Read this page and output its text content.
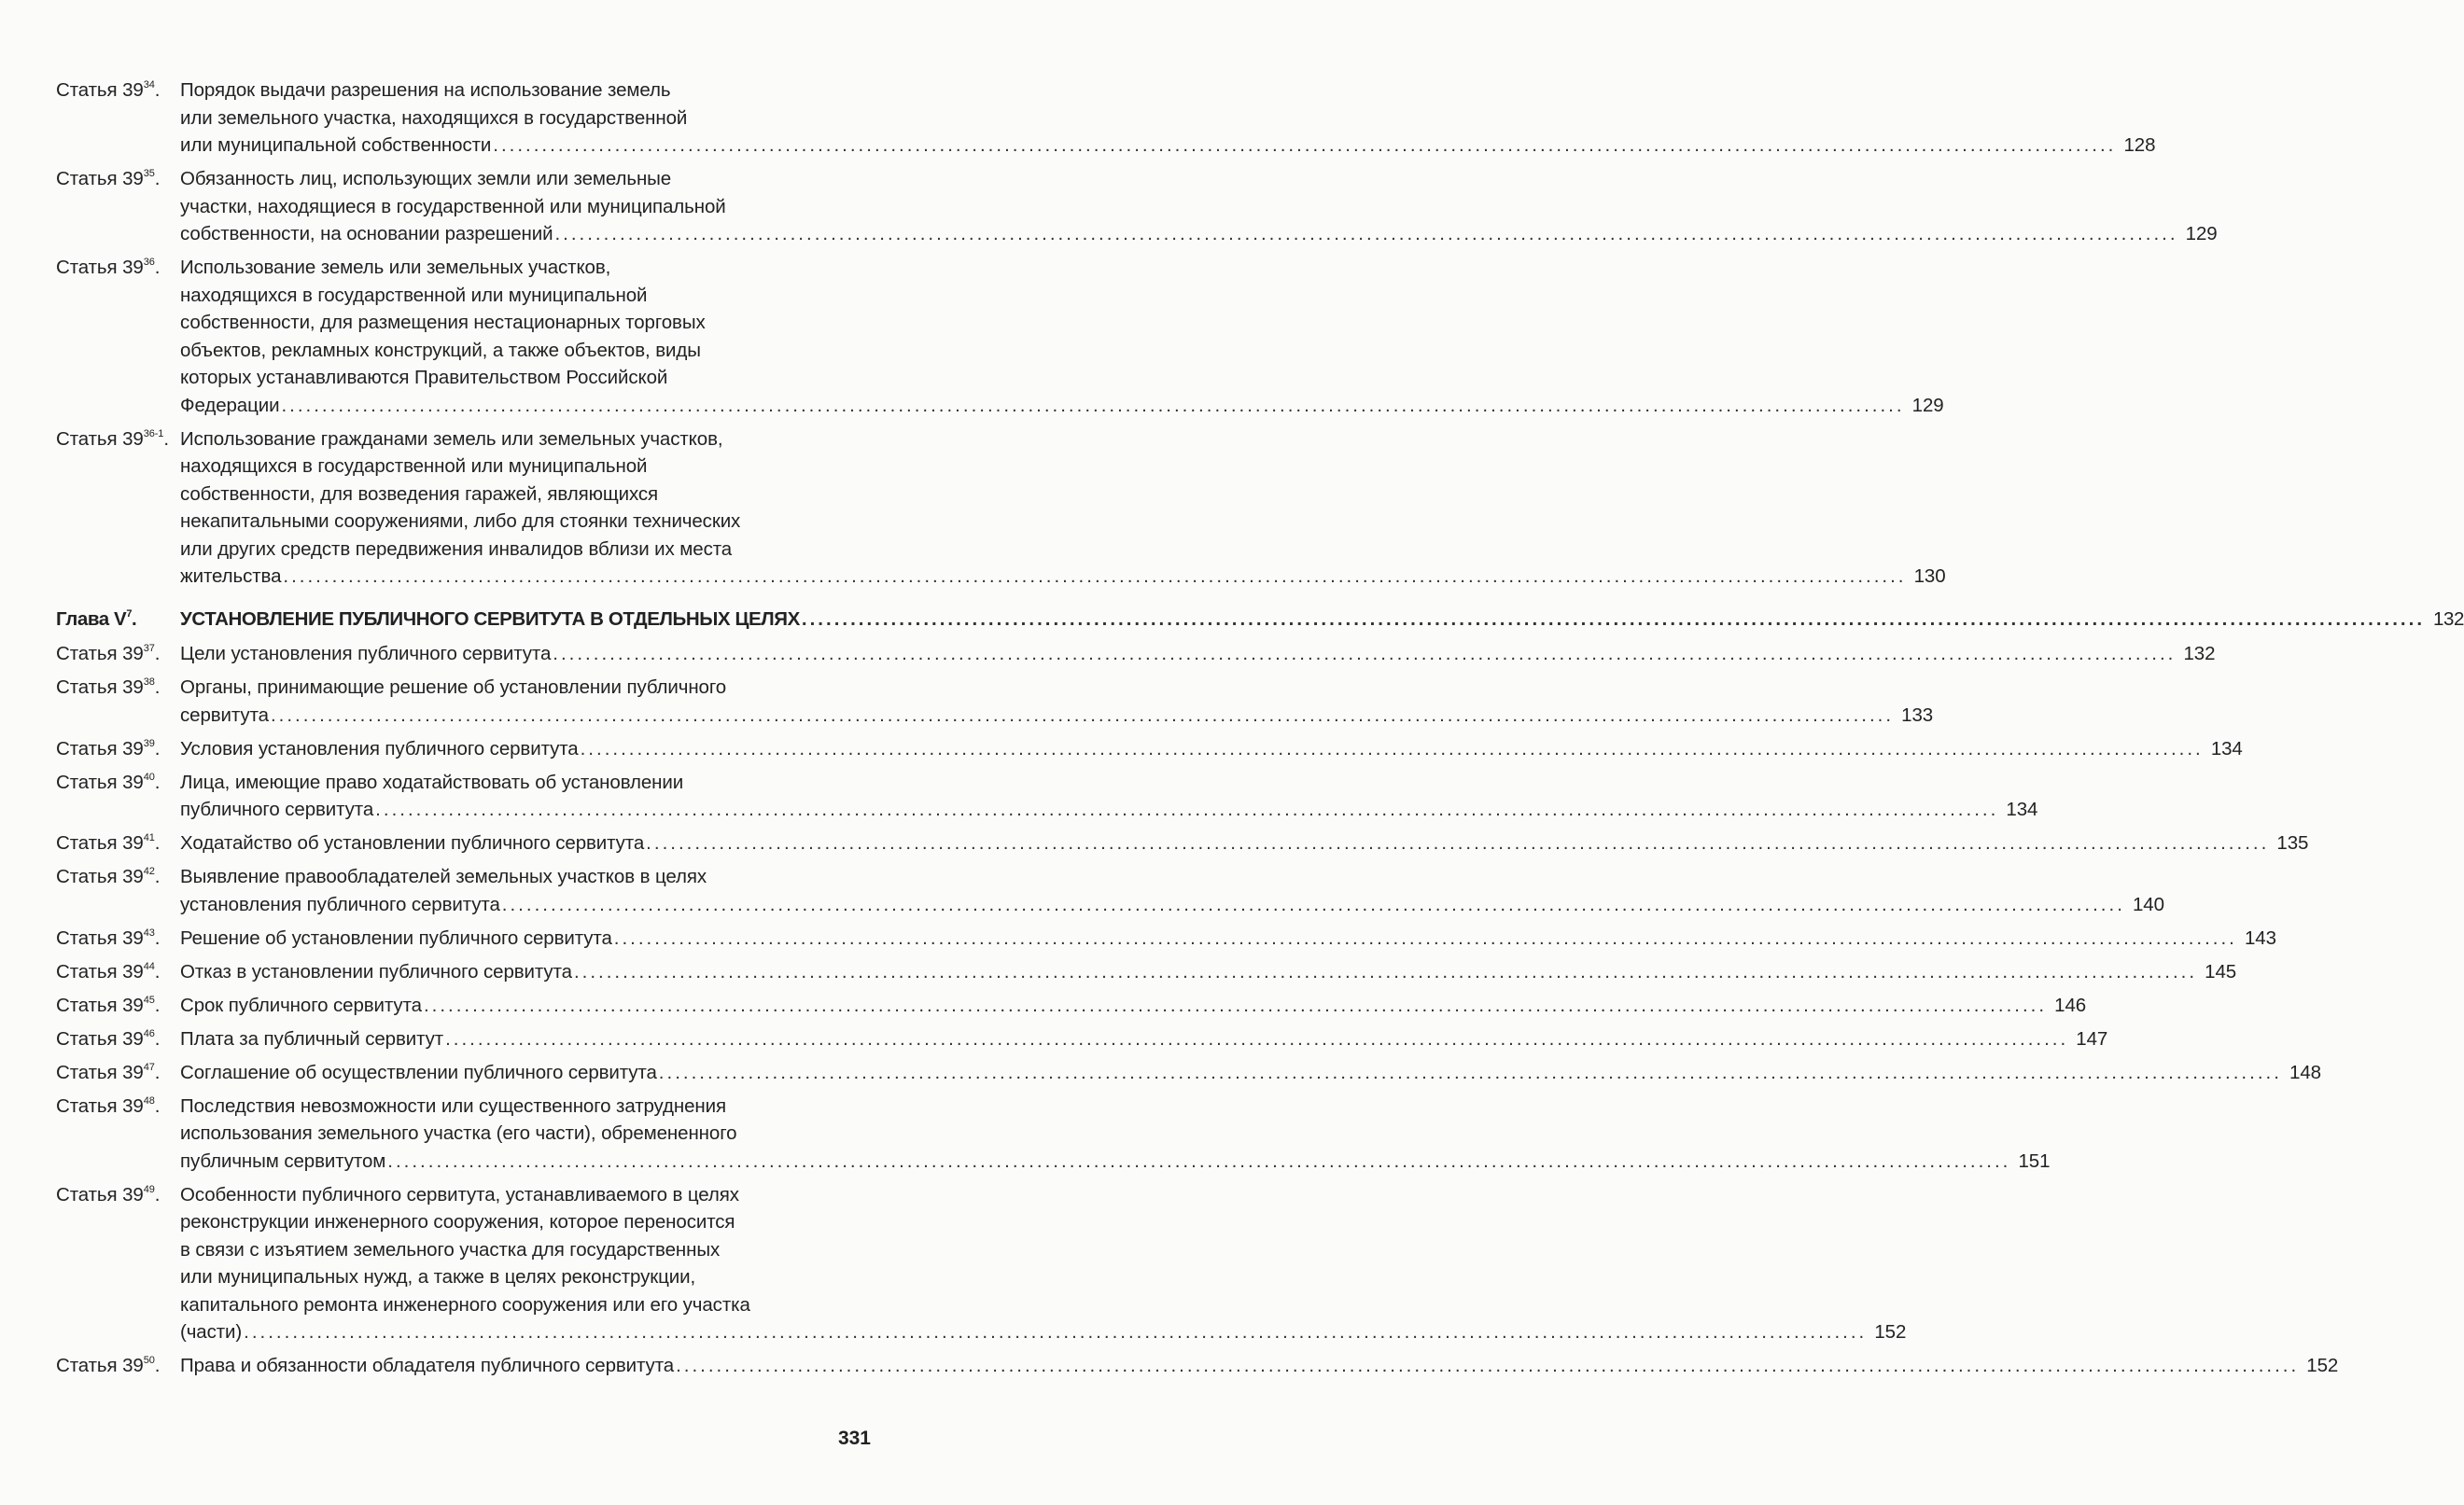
Статья $39^{34}$.	Порядок выдачи разрешения на использование земель
или земельного участка, находящихся в государственной
или муниципальной собственности ........................................................................................................................................................................................................ 128
Статья $39^{35}$.	Обязанность лиц, использующих земли или земельные
участки, находящиеся в государственной или муниципальной
собственности, на основании разрешений ........................................................................................................................................................................................................ 129
Статья $39^{36}$.	Использование земель или земельных участков,
находящихся в государственной или муниципальной
собственности, для размещения нестационарных торговых
объектов, рекламных конструкций, а также объектов, виды
которых устанавливаются Правительством Российской
Федерации ........................................................................................................................................................................................................ 129
Статья 39$^{36-1}$. Использование гражданами земель или земельных участков,
находящихся в государственной или муниципальной
собственности, для возведения гаражей, являющихся
некапитальными сооружениями, либо для стоянки технических
или других средств передвижения инвалидов вблизи их места
жительства ........................................................................................................................................................................................................ 130
Глава $V^7$.	УСТАНОВЛЕНИЕ ПУБЛИЧНОГО СЕРВИТУТА В ОТДЕЛЬНЫХ ЦЕЛЯХ ........................................................................................................................................................................................................ 132
Статья $39^{37}$.	Цели установления публичного сервитута ........................................................................................................................................................................................................ 132
Статья $39^{38}$.	Органы, принимающие решение об установлении публичного
сервитута ........................................................................................................................................................................................................ 133
Статья $39^{39}$.	Условия установления публичного сервитута ........................................................................................................................................................................................................ 134
Статья $39^{40}$.	Лица, имеющие право ходатайствовать об установлении
публичного сервитута ........................................................................................................................................................................................................ 134
Статья $39^{41}$.	Ходатайство об установлении публичного сервитута ........................................................................................................................................................................................................ 135
Статья $39^{42}$.	Выявление правообладателей земельных участков в целях
установления публичного сервитута ........................................................................................................................................................................................................ 140
Статья $39^{43}$.	Решение об установлении публичного сервитута ........................................................................................................................................................................................................ 143
Статья $39^{44}$.	Отказ в установлении публичного сервитута ........................................................................................................................................................................................................ 145
Статья $39^{45}$.	Срок публичного сервитута ........................................................................................................................................................................................................ 146
Статья $39^{46}$.	Плата за публичный сервитут ........................................................................................................................................................................................................ 147
Статья $39^{47}$.	Соглашение об осуществлении публичного сервитута ........................................................................................................................................................................................................ 148
Статья $39^{48}$.	Последствия невозможности или существенного затруднения
использования земельного участка (его части), обремененного
публичным сервитутом ........................................................................................................................................................................................................ 151
Статья $39^{49}$.	Особенности публичного сервитута, устанавливаемого в целях
реконструкции инженерного сооружения, которое переносится
в связи с изъятием земельного участка для государственных
или муниципальных нужд, а также в целях реконструкции,
капитального ремонта инженерного сооружения или его участка
(части) ........................................................................................................................................................................................................ 152
Статья $39^{50}$.	Права и обязанности обладателя публичного сервитута ........................................................................................................................................................................................................ 152
331
